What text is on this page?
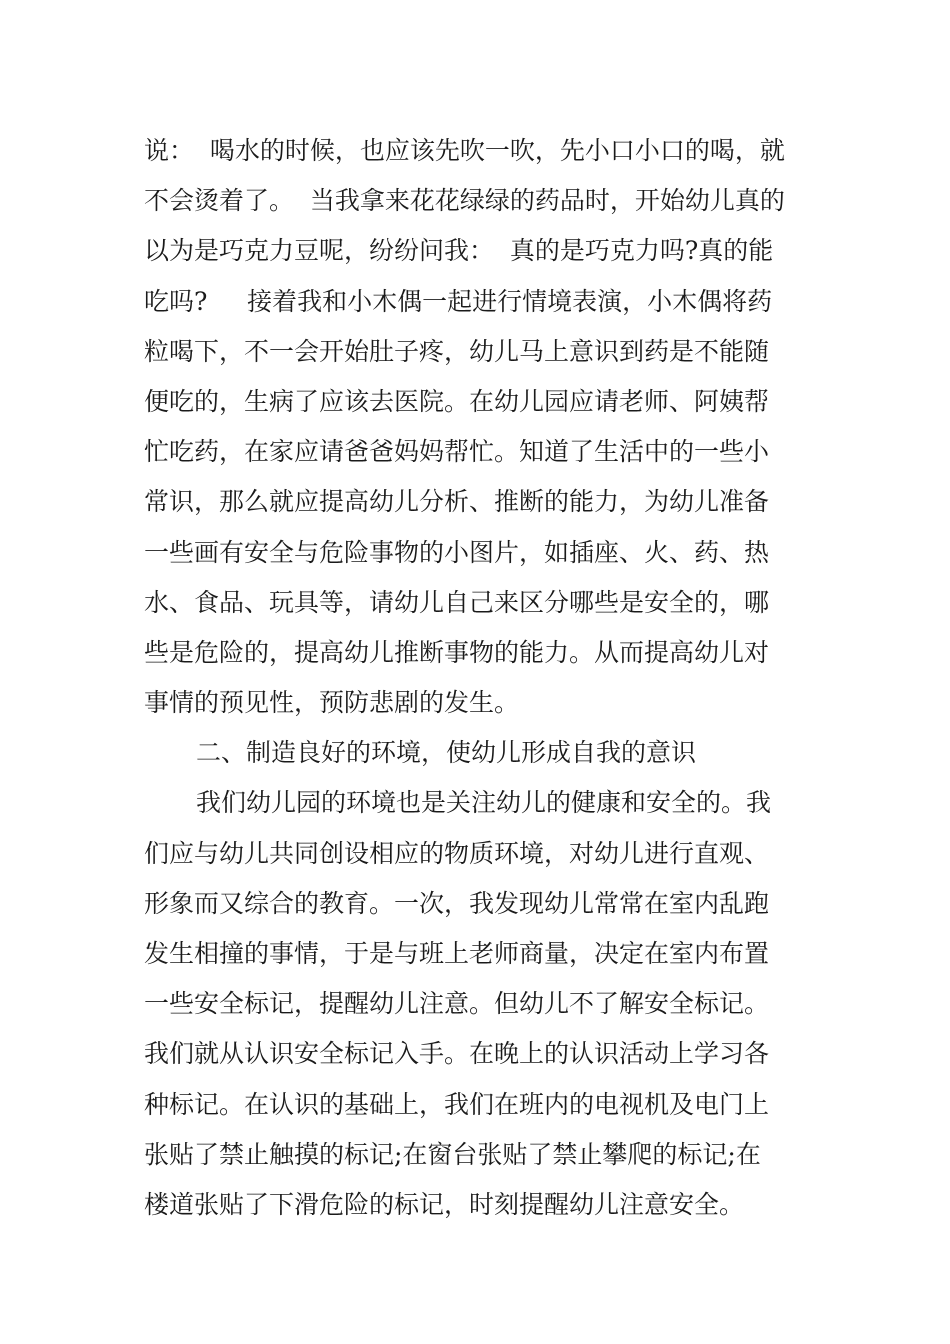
说：  喝水的时候，也应该先吹一吹，先小口小口的喝，就
不会烫着了。  当我拿来花花绿绿的药品时，开始幼儿真的
以为是巧克力豆呢，纷纷问我：  真的是巧克力吗?真的能
吃吗?     接着我和小木偶一起进行情境表演，小木偶将药
粒喝下，不一会开始肚子疼，幼儿马上意识到药是不能随
便吃的，生病了应该去医院。在幼儿园应请老师、阿姨帮
忙吃药，在家应请爸爸妈妈帮忙。知道了生活中的一些小
常识，那么就应提高幼儿分析、推断的能力，为幼儿准备
一些画有安全与危险事物的小图片，如插座、火、药、热
水、食品、玩具等，请幼儿自己来区分哪些是安全的，哪
些是危险的，提高幼儿推断事物的能力。从而提高幼儿对
事情的预见性，预防悲剧的发生。
二、制造良好的环境，使幼儿形成自我的意识
我们幼儿园的环境也是关注幼儿的健康和安全的。我
们应与幼儿共同创设相应的物质环境，对幼儿进行直观、
形象而又综合的教育。一次，我发现幼儿常常在室内乱跑
发生相撞的事情，于是与班上老师商量，决定在室内布置
一些安全标记，提醒幼儿注意。但幼儿不了解安全标记。
我们就从认识安全标记入手。在晚上的认识活动上学习各
种标记。在认识的基础上，我们在班内的电视机及电门上
张贴了禁止触摸的标记;在窗台张贴了禁止攀爬的标记;在
楼道张贴了下滑危险的标记，时刻提醒幼儿注意安全。
